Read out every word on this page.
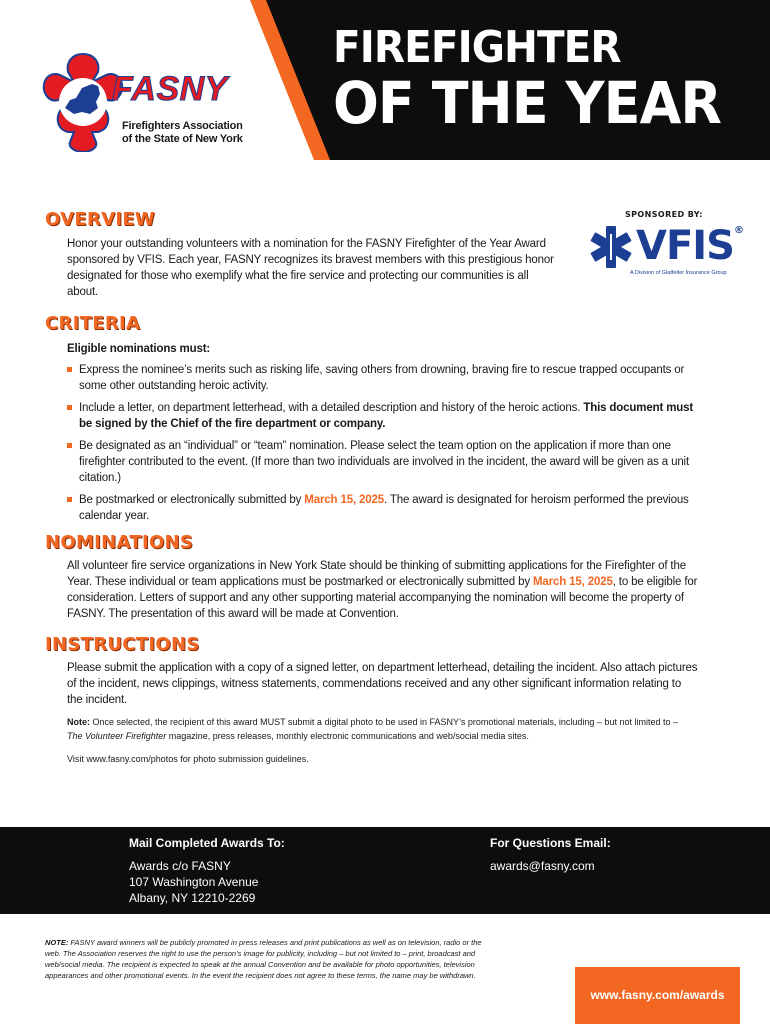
FASNY
Firefighters Association
of the State of New York
FIREFIGHTER
OF THE YEAR
OVERVIEW
Honor your outstanding volunteers with a nomination for the FASNY Firefighter of the Year Award
sponsored by VFIS. Each year, FASNY recognizes its bravest members with this prestigious honor
designated for those who exemplify what the fire service and protecting our communities is all
about.
SPONSORED BY:
VFIS®
A Division of Glatfelter Insurance Group
CRITERIA
Eligible nominations must:
Express the nominee’s merits such as risking life, saving others from drowning, braving fire to rescue trapped occupants or
some other outstanding heroic activity.
Include a letter, on department letterhead, with a detailed description and history of the heroic actions. This document must
be signed by the Chief of the fire department or company.
Be designated as an “individual” or “team” nomination. Please select the team option on the application if more than one
firefighter contributed to the event. (If more than two individuals are involved in the incident, the award will be given as a unit
citation.)
Be postmarked or electronically submitted by March 15, 2025. The award is designated for heroism performed the previous
calendar year.
NOMINATIONS
All volunteer fire service organizations in New York State should be thinking of submitting applications for the Firefighter of the
Year. These individual or team applications must be postmarked or electronically submitted by March 15, 2025, to be eligible for
consideration. Letters of support and any other supporting material accompanying the nomination will become the property of
FASNY. The presentation of this award will be made at Convention.
INSTRUCTIONS
Please submit the application with a copy of a signed letter, on department letterhead, detailing the incident. Also attach pictures
of the incident, news clippings, witness statements, commendations received and any other significant information relating to
the incident.
Note: Once selected, the recipient of this award MUST submit a digital photo to be used in FASNY’s promotional materials, including – but not limited to –
The Volunteer Firefighter magazine, press releases, monthly electronic communications and web/social media sites.
Visit www.fasny.com/photos for photo submission guidelines.
Mail Completed Awards To:
Awards c/o FASNY
107 Washington Avenue
Albany, NY 12210-2269
For Questions Email:
awards@fasny.com
NOTE: FASNY award winners will be publicly promoted in press releases and print publications as well as on television, radio or the
web. The Association reserves the right to use the person’s image for publicity, including – but not limited to – print, broadcast and
web/social media. The recipient is expected to speak at the annual Convention and be available for photo opportunities, television
appearances and other promotional events. In the event the recipient does not agree to these terms, the name may be withdrawn.
www.fasny.com/awards
